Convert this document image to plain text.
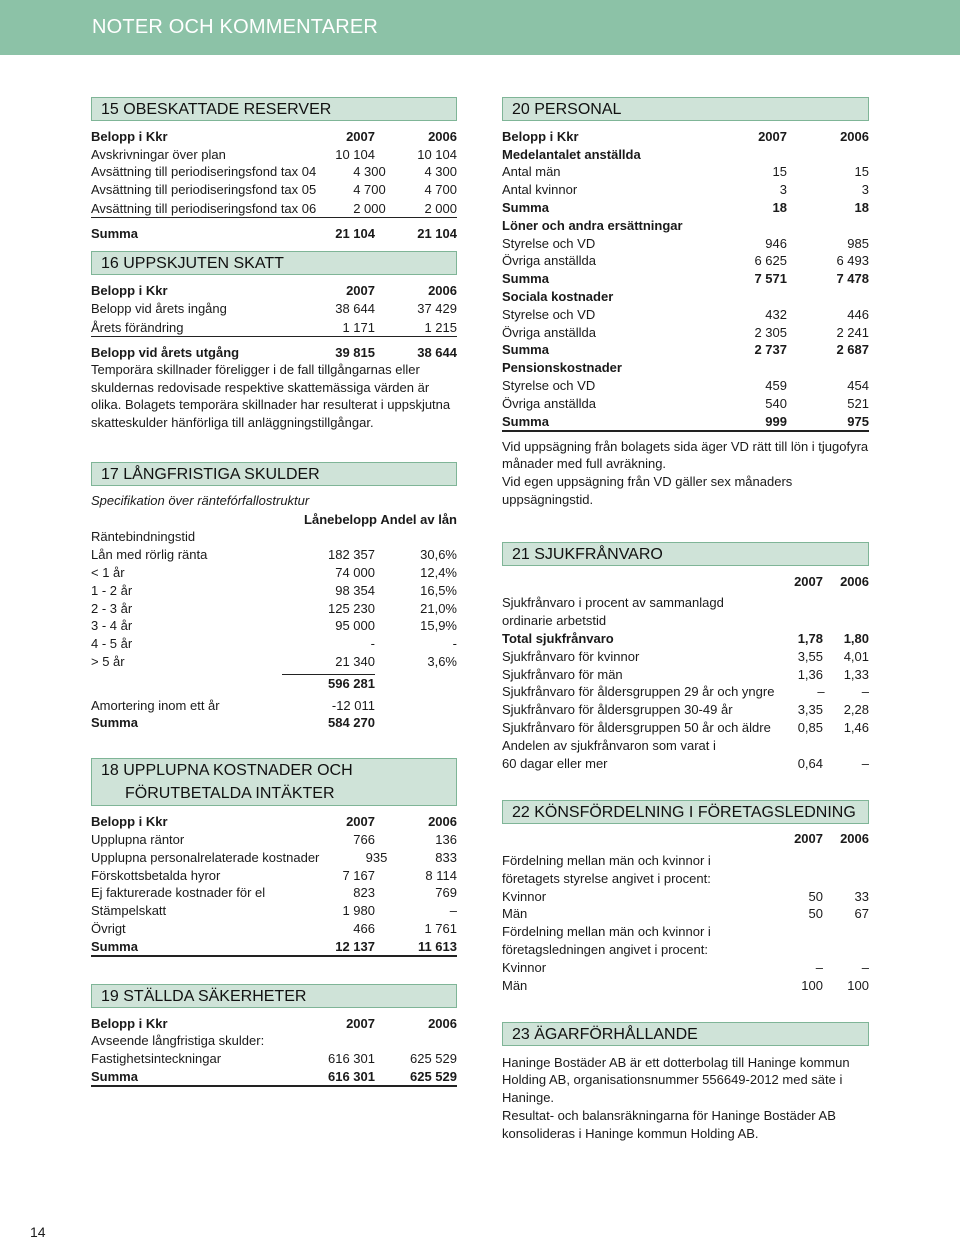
NOTER OCH KOMMENTARER
15 OBESKATTADE RESERVER
Belopp i Kkr	2007	2006
Avskrivningar över plan	10 104	10 104
Avsättning till periodiseringsfond tax 04	4 300	4 300
Avsättning till periodiseringsfond tax 05	4 700	4 700
Avsättning till periodiseringsfond tax 06	2 000	2 000
Summa	21 104	21 104
16 UPPSKJUTEN SKATT
Belopp i Kkr	2007	2006
Belopp vid årets ingång	38 644	37 429
Årets förändring	1 171	1 215
Belopp vid årets utgång	39 815	38 644
Temporära skillnader föreligger i de fall tillgångarnas eller skuldernas redovisade respektive skattemässiga värden är olika. Bolagets temporära skillnader har resulterat i uppskjutna skatteskulder hänförliga till anläggningstillgångar.
17 LÅNGFRISTIGA SKULDER
Specifikation över räntefórfallostruktur
Lånebelopp Andel av lån
Räntebindningstid
Lån med rörlig ränta	182 357	30,6%
< 1 år	74 000	12,4%
1 - 2 år	98 354	16,5%
2 - 3 år	125 230	21,0%
3 - 4 år	95 000	15,9%
4 - 5 år	-	-
> 5 år	21 340	3,6%
596 281
Amortering inom ett år	-12 011
Summa	584 270
18 UPPLUPNA KOSTNADER OCH
FÖRUTBETALDA INTÄKTER
Belopp i Kkr	2007	2006
Upplupna räntor	766	136
Upplupna personalrelaterade kostnader	935	833
Förskottsbetalda hyror	7 167	8 114
Ej fakturerade kostnader för el	823	769
Stämpelskatt	1 980	–
Övrigt	466	1 761
Summa	12 137	11 613
19 STÄLLDA SÄKERHETER
Belopp i Kkr	2007	2006
Avseende långfristiga skulder:
Fastighetsinteckningar	616 301	625 529
Summa	616 301	625 529
20 PERSONAL
Belopp i Kkr	2007	2006
Medelantalet anställda
Antal män	15	15
Antal kvinnor	3	3
Summa	18	18
Löner och andra ersättningar
Styrelse och VD	946	985
Övriga anställda	6 625	6 493
Summa	7 571	7 478
Sociala kostnader
Styrelse och VD	432	446
Övriga anställda	2 305	2 241
Summa	2 737	2 687
Pensionskostnader
Styrelse och VD	459	454
Övriga anställda	540	521
Summa	999	975
Vid uppsägning från bolagets sida äger VD rätt till lön i tjugofyra månader med full avräkning.
Vid egen uppsägning från VD gäller sex månaders uppsägningstid.
21 SJUKFRÅNVARO
2007	2006
Sjukfrånvaro i procent av sammanlagd
ordinarie arbetstid
Total sjukfrånvaro	1,78	1,80
Sjukfrånvaro för kvinnor	3,55	4,01
Sjukfrånvaro för män	1,36	1,33
Sjukfrånvaro för åldersgruppen 29 år och yngre	–	–
Sjukfrånvaro för åldersgruppen 30-49 år	3,35	2,28
Sjukfrånvaro för åldersgruppen 50 år och äldre	0,85	1,46
Andelen av sjukfrånvaron som varat i
60 dagar eller mer	0,64	–
22 KÖNSFÖRDELNING I FÖRETAGSLEDNING
2007	2006
Fördelning mellan män och kvinnor i
företagets styrelse angivet i procent:
Kvinnor	50	33
Män	50	67
Fördelning mellan män och kvinnor i
företagsledningen angivet i procent:
Kvinnor	–	–
Män	100	100
23 ÄGARFÖRHÅLLANDE
Haninge Bostäder AB är ett dotterbolag till Haninge kommun Holding AB, organisationsnummer 556649-2012 med säte i Haninge.
Resultat- och balansräkningarna för Haninge Bostäder AB konsolideras i Haninge kommun Holding AB.
14
